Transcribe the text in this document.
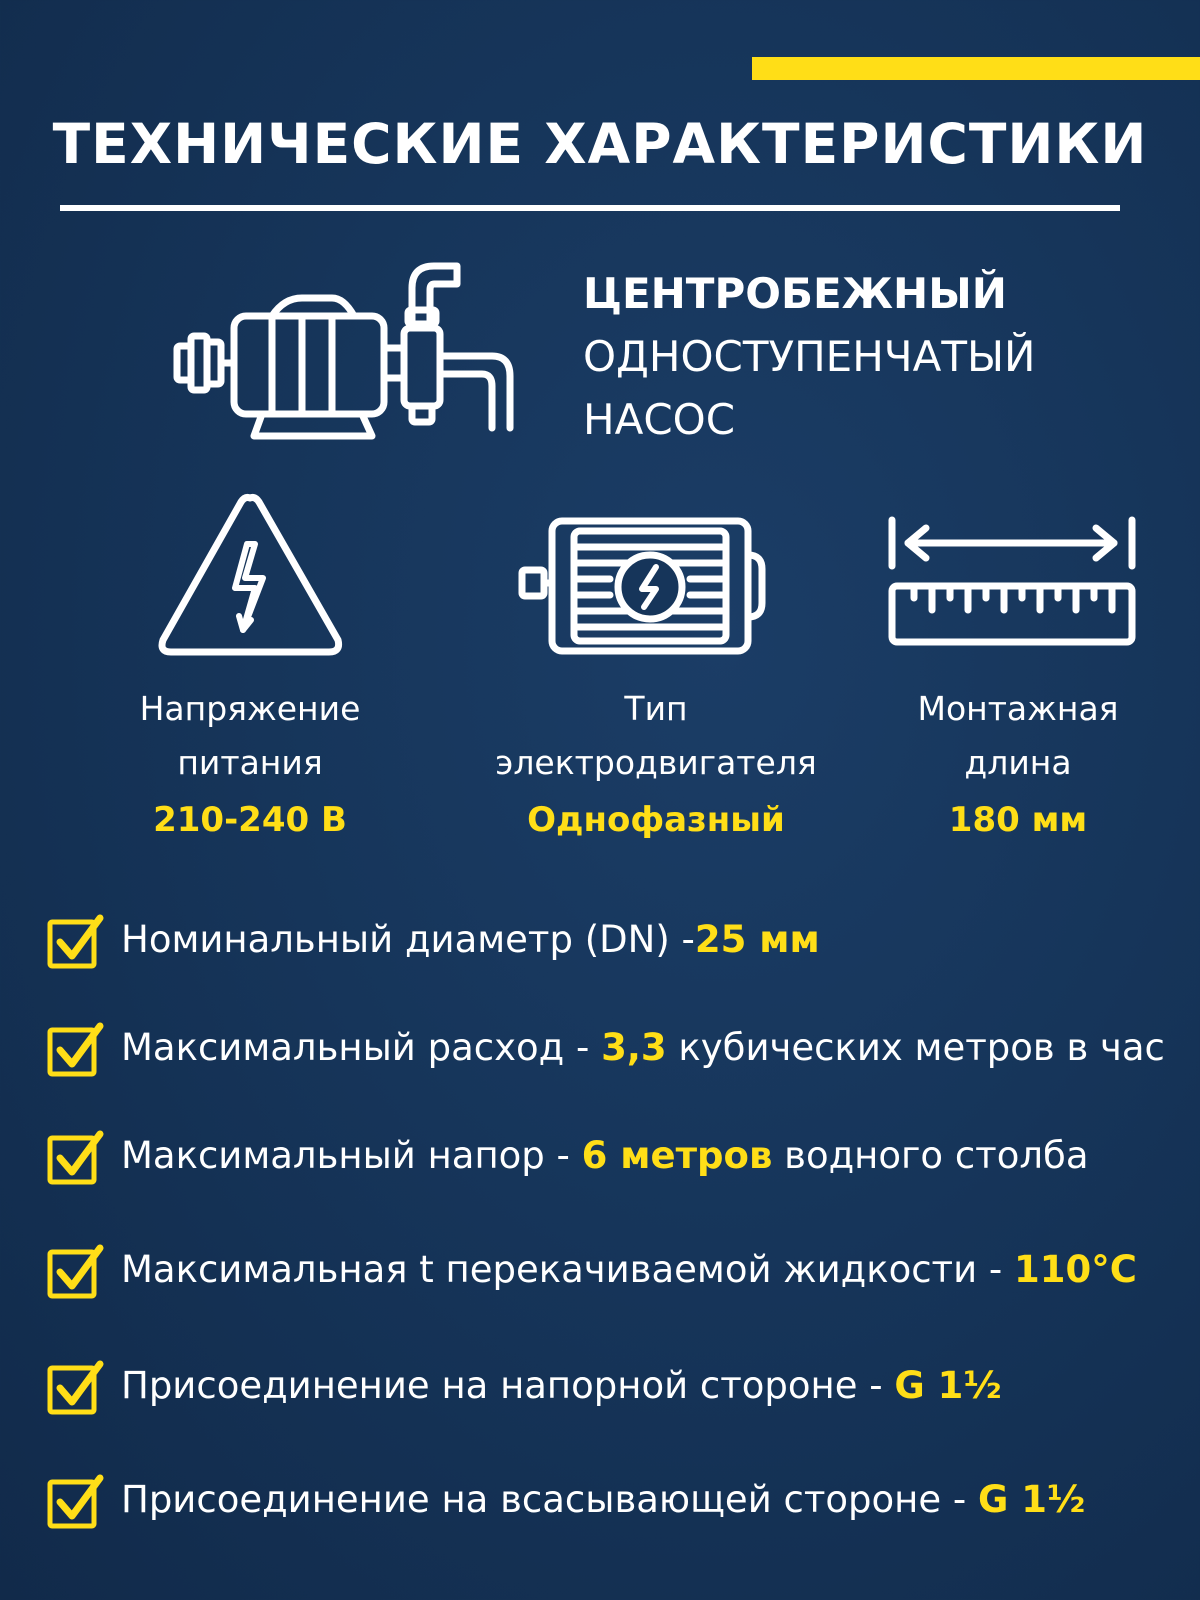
ТЕХНИЧЕСКИЕ ХАРАКТЕРИСТИКИ
ЦЕНТРОБЕЖНЫЙ
ОДНОСТУПЕНЧАТЫЙ
НАСОС
Напряжение
питания
210-240 В
Тип
электродвигателя
Однофазный
Монтажная
длина
180 мм
Номинальный диаметр (DN) -25 мм
Максимальный расход - 3,3 кубических метров в час
Максимальный напор - 6 метров водного столба
Максимальная t перекачиваемой жидкости - 110°C
Присоединение на напорной стороне - G 1½
Присоединение на всасывающей стороне - G 1½
